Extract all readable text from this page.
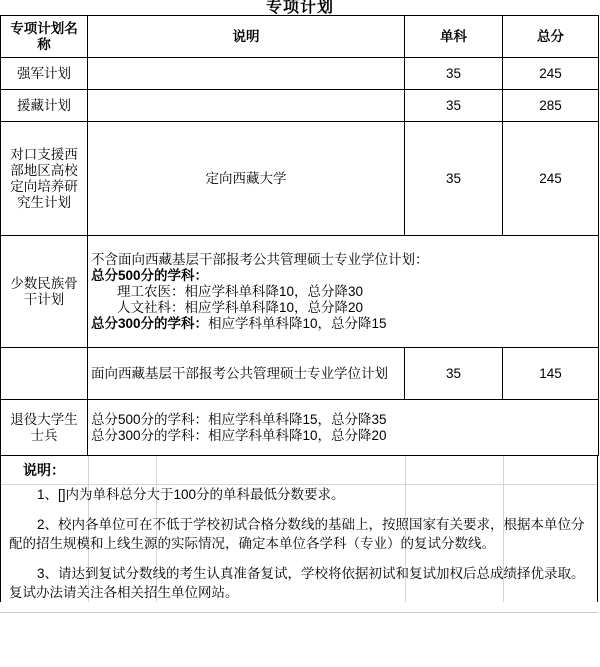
专项计划
专项计划名称	说明	单科	总分
强军计划		35	245
援藏计划		35	285
对口支援西部地区高校定向培养研究生计划	定向西藏大学	35	245
少数民族骨干计划	不含面向西藏基层干部报考公共管理硕士专业学位计划：
总分500分的学科：
理工农医：相应学科单科降10，总分降30
人文社科：相应学科单科降10，总分降20
总分300分的学科：相应学科单科降10，总分降15		

	面向西藏基层干部报考公共管理硕士专业学位计划	35	145
退役大学生士兵	总分500分的学科：相应学科单科降15，总分降35
总分300分的学科：相应学科单科降10，总分降20		
说明：
1、[]内为单科总分大于100分的单科最低分数要求。
2、校内各单位可在不低于学校初试合格分数线的基础上，按照国家有关要求，根据本单位分配的招生规模和上线生源的实际情况，确定本单位各学科（专业）的复试分数线。
3、请达到复试分数线的考生认真准备复试，学校将依据初试和复试加权后总成绩择优录取。复试办法请关注各相关招生单位网站。
